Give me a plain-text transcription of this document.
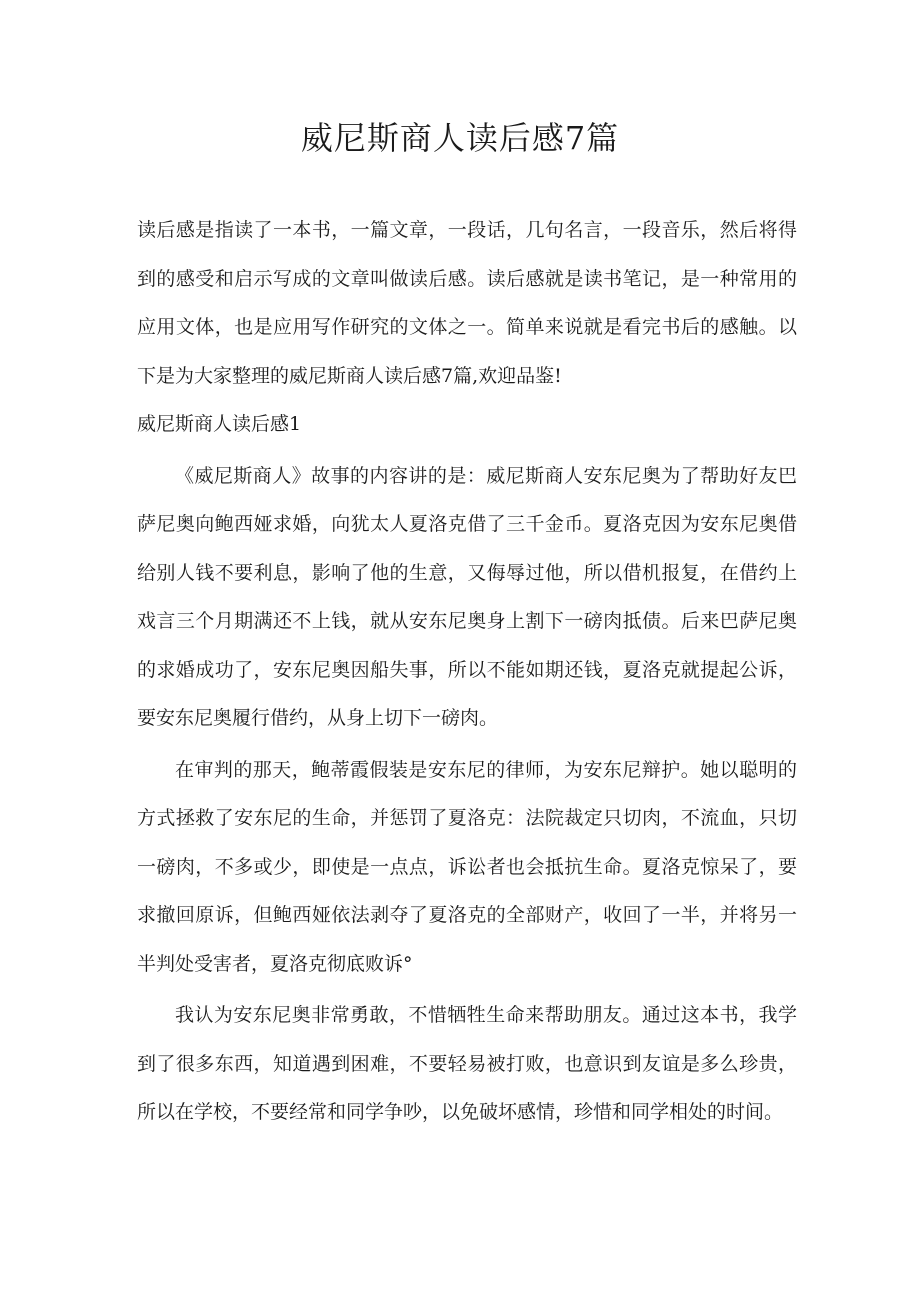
威尼斯商人读后感7篇

读后感是指读了一本书，一篇文章，一段话，几句名言，一段音乐，然后将得到的感受和启示写成的文章叫做读后感。读后感就是读书笔记，是一种常用的应用文体，也是应用写作研究的文体之一。简单来说就是看完书后的感触。以下是为大家整理的威尼斯商人读后感7篇,欢迎品鉴!

威尼斯商人读后感1

《威尼斯商人》故事的内容讲的是：威尼斯商人安东尼奥为了帮助好友巴萨尼奥向鲍西娅求婚，向犹太人夏洛克借了三千金币。夏洛克因为安东尼奥借给别人钱不要利息，影响了他的生意，又侮辱过他，所以借机报复，在借约上戏言三个月期满还不上钱，就从安东尼奥身上割下一磅肉抵债。后来巴萨尼奥的求婚成功了，安东尼奥因船失事，所以不能如期还钱，夏洛克就提起公诉，要安东尼奥履行借约，从身上切下一磅肉。

在审判的那天，鲍蒂霞假装是安东尼的律师，为安东尼辩护。她以聪明的方式拯救了安东尼的生命，并惩罚了夏洛克：法院裁定只切肉，不流血，只切一磅肉，不多或少，即使是一点点，诉讼者也会抵抗生命。夏洛克惊呆了，要求撤回原诉，但鲍西娅依法剥夺了夏洛克的全部财产，收回了一半，并将另一半判处受害者，夏洛克彻底败诉°

我认为安东尼奥非常勇敢，不惜牺牲生命来帮助朋友。通过这本书，我学到了很多东西，知道遇到困难，不要轻易被打败，也意识到友谊是多么珍贵，所以在学校，不要经常和同学争吵，以免破坏感情，珍惜和同学相处的时间。
